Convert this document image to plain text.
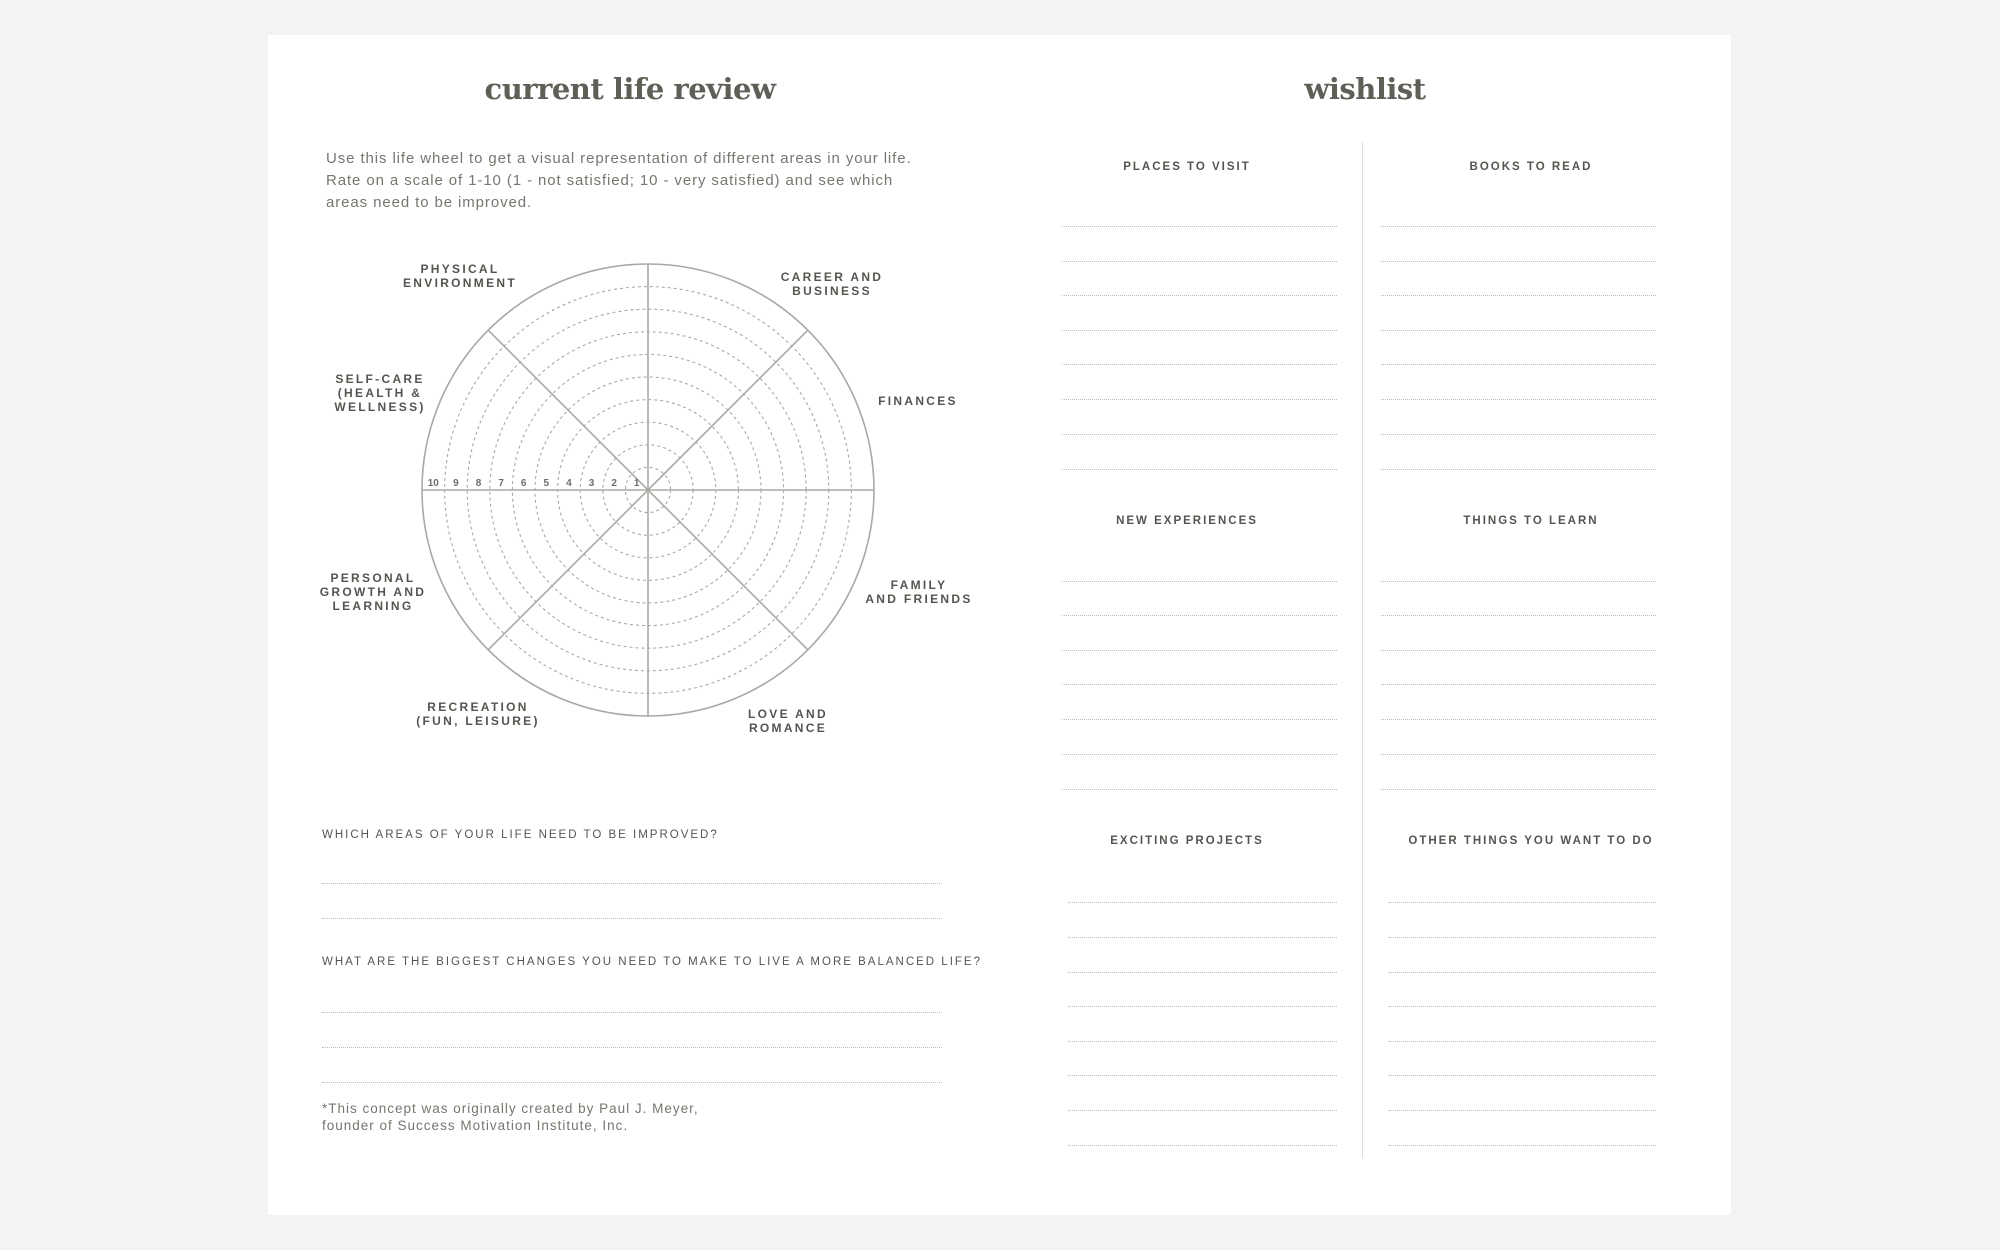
current life review

Use this life wheel to get a visual representation of different areas in your life.

Rate on a scale of 1-10 (1 - not satisfied; 10 - very satisfied) and see which

areas need to be improved.

10 9 8 7 6 5 4 3 2 1
PHYSICAL
ENVIRONMENT	CAREER AND
BUSINESS
SELF-CARE
(HEALTH &
WELLNESS)	FINANCES
PERSONAL
GROWTH AND
LEARNING
FAMILY
AND FRIENDS
RECREATION
(FUN, LEISURE)	LOVE AND
ROMANCE
WHICH AREAS OF YOUR LIFE NEED TO BE IMPROVED?
WHAT ARE THE BIGGEST CHANGES YOU NEED TO MAKE TO LIVE A MORE BALANCED LIFE?

*This concept was originally created by Paul J. Meyer,

founder of Success Motivation Institute, Inc.

wishlist
PLACES TO VISIT	BOOKS TO READ
NEW EXPERIENCES	THINGS TO LEARN
EXCITING PROJECTS	OTHER THINGS YOU WANT TO DO
